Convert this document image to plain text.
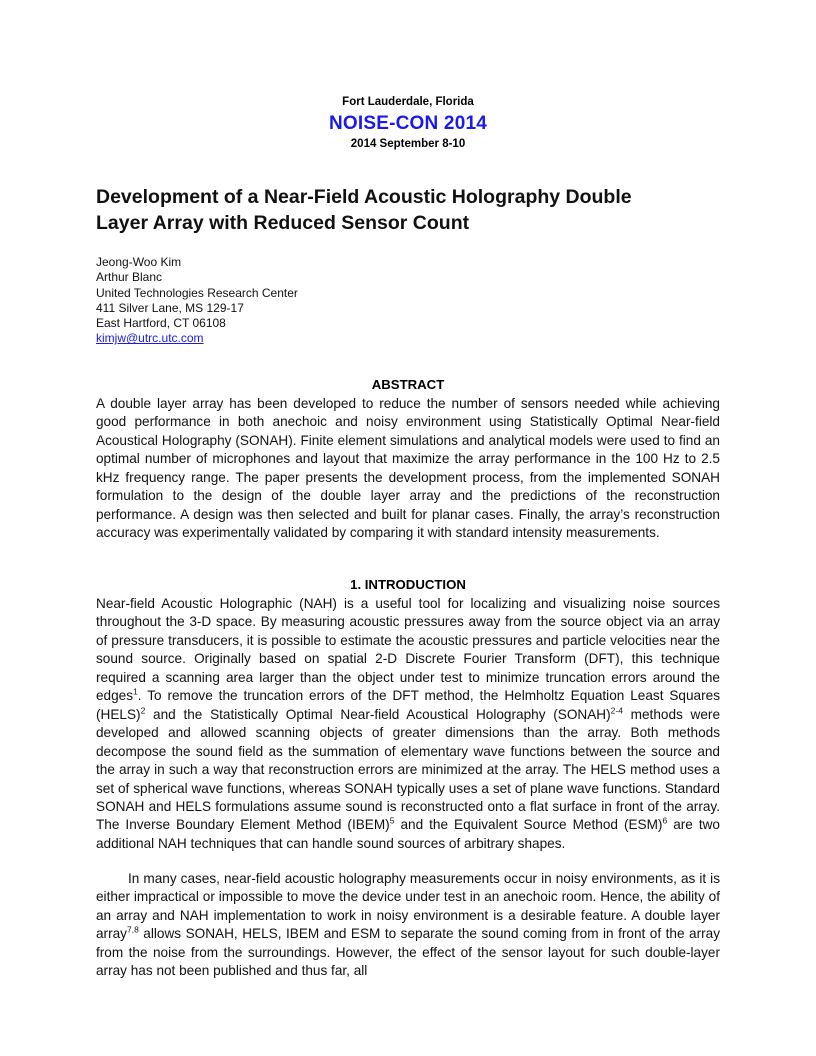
Fort Lauderdale, Florida
NOISE-CON 2014
2014 September 8-10
Development of a Near-Field Acoustic Holography Double
Layer Array with Reduced Sensor Count
Jeong-Woo Kim
Arthur Blanc
United Technologies Research Center
411 Silver Lane, MS 129-17
East Hartford, CT 06108
kimjw@utrc.utc.com
ABSTRACT

A double layer array has been developed to reduce the number of sensors needed while achieving good performance in both anechoic and noisy environment using Statistically Optimal Near-field Acoustical Holography (SONAH). Finite element simulations and analytical models were used to find an optimal number of microphones and layout that maximize the array performance in the 100 Hz to 2.5 kHz frequency range. The paper presents the development process, from the implemented SONAH formulation to the design of the double layer array and the predictions of the reconstruction performance. A design was then selected and built for planar cases. Finally, the array’s reconstruction accuracy was experimentally validated by comparing it with standard intensity measurements.

1. INTRODUCTION

Near-field Acoustic Holographic (NAH) is a useful tool for localizing and visualizing noise sources throughout the 3-D space. By measuring acoustic pressures away from the source object via an array of pressure transducers, it is possible to estimate the acoustic pressures and particle velocities near the sound source. Originally based on spatial 2-D Discrete Fourier Transform (DFT), this technique required a scanning area larger than the object under test to minimize truncation errors around the edges$^1$. To remove the truncation errors of the DFT method, the Helmholtz Equation Least Squares (HELS)$^2$ and the Statistically Optimal Near-field Acoustical Holography (SONAH)$^{2-4}$ methods were developed and allowed scanning objects of greater dimensions than the array. Both methods decompose the sound field as the summation of elementary wave functions between the source and the array in such a way that reconstruction errors are minimized at the array. The HELS method uses a set of spherical wave functions, whereas SONAH typically uses a set of plane wave functions. Standard SONAH and HELS formulations assume sound is reconstructed onto a flat surface in front of the array. The Inverse Boundary Element Method (IBEM)$^5$ and the Equivalent Source Method (ESM)$^6$ are two additional NAH techniques that can handle sound sources of arbitrary shapes.

In many cases, near-field acoustic holography measurements occur in noisy environments, as it is either impractical or impossible to move the device under test in an anechoic room. Hence, the ability of an array and NAH implementation to work in noisy environment is a desirable feature. A double layer array$^{7,8}$ allows SONAH, HELS, IBEM and ESM to separate the sound coming from in front of the array from the noise from the surroundings. However, the effect of the sensor layout for such double-layer array has not been published and thus far, all
